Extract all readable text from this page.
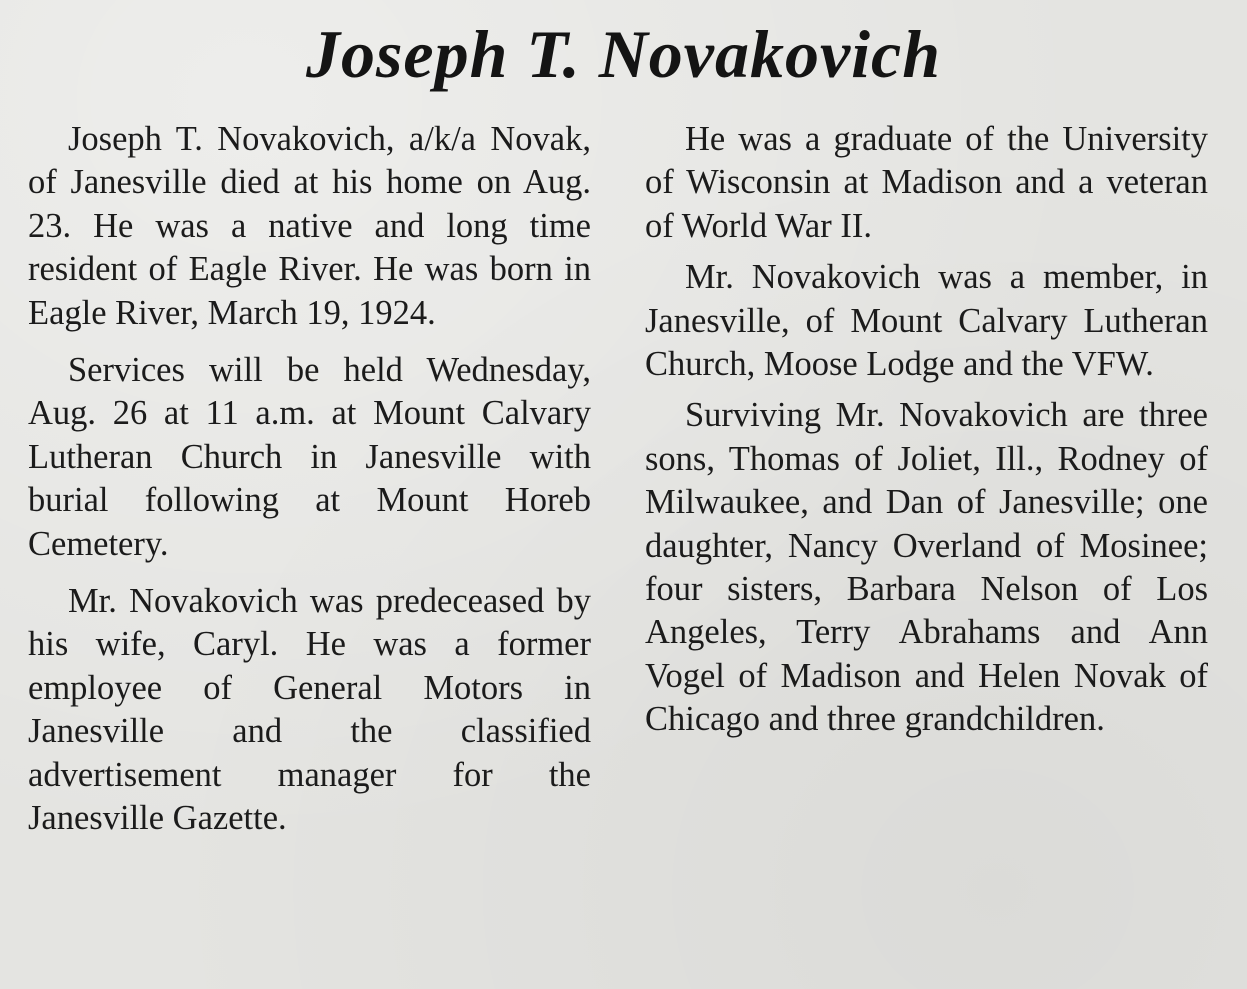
Joseph T. Novakovich

Joseph T. Novakovich, a/k/a Novak, of Janesville died at his home on Aug. 23. He was a native and long time resident of Eagle River. He was born in Eagle River, March 19, 1924.

Services will be held Wednesday, Aug. 26 at 11 a.m. at Mount Calvary Lutheran Church in Janesville with burial following at Mount Horeb Cemetery.

Mr. Novakovich was predeceased by his wife, Caryl. He was a former employee of General Motors in Janesville and the classified advertisement manager for the Janesville Gazette.

He was a graduate of the University of Wisconsin at Madison and a veteran of World War II.

Mr. Novakovich was a member, in Janesville, of Mount Calvary Lutheran Church, Moose Lodge and the VFW.

Surviving Mr. Novakovich are three sons, Thomas of Joliet, Ill., Rodney of Milwaukee, and Dan of Janesville; one daughter, Nancy Overland of Mosinee; four sisters, Barbara Nelson of Los Angeles, Terry Abrahams and Ann Vogel of Madison and Helen Novak of Chicago and three grandchildren.
